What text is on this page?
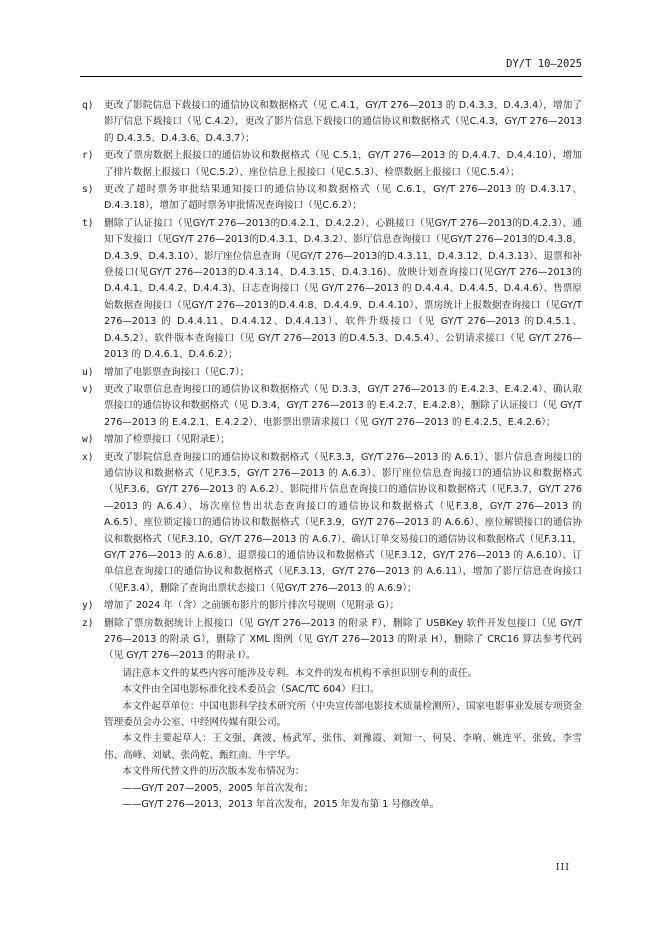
DY/T 10—2025
q) 更改了影院信息下载接口的通信协议和数据格式（见 C.4.1，GY/T 276—2013 的 D.4.3.3、D.4.3.4），增加了影厅信息下载接口（见 C.4.2），更改了影片信息下载接口的通信协议和数据格式（见C.4.3，GY/T 276—2013 的 D.4.3.5、D.4.3.6、D.4.3.7）；
r) 更改了票房数据上报接口的通信协议和数据格式（见 C.5.1，GY/T 276—2013 的 D.4.4.7、D.4.4.10），增加了排片数据上报接口（见C.5.2）、座位信息上报接口（见C.5.3）、检票数据上报接口（见C.5.4）；
s) 更改了超时票务审批结果通知接口的通信协议和数据格式（见 C.6.1，GY/T 276—2013 的 D.4.3.17、D.4.3.18），增加了超时票务审批情况查询接口（见C.6.2）；
t) 删除了认证接口（见GY/T 276—2013的D.4.2.1、D.4.2.2）、心跳接口（见GY/T 276—2013的D.4.2.3）、通知下发接口（见GY/T 276—2013的D.4.3.1、D.4.3.2）、影厅信息查询接口（见GY/T 276—2013的D.4.3.8、D.4.3.9、D.4.3.10）、影厅座位信息查询（见GY/T 276—2013的D.4.3.11、D.4.3.12、D.4.3.13）、退票和补登接口(见GY/T 276—2013的D.4.3.14、D.4.3.15、D.4.3.16)、放映计划查询接口(见GY/T 276—2013的D.4.4.1、D.4.4.2、D.4.4.3)、日志查询接口（见 GY/T 276—2013 的 D.4.4.4、D.4.4.5、D.4.4.6）、售票原始数据查询接口（见GY/T 276—2013的D.4.4.8、D.4.4.9、D.4.4.10）、票房统计上报数据查询接口（见GY/T 276—2013 的 D.4.4.11、D.4.4.12、D.4.4.13）、软件升级接口（见 GY/T 276—2013 的D.4.5.1、D.4.5.2）、软件版本查询接口（见 GY/T 276—2013 的D.4.5.3、D.4.5.4）、公钥请求接口（见 GY/T 276—2013 的 D.4.6.1、D.4.6.2）；
u) 增加了电影票查询接口（见C.7）；
v) 更改了取票信息查询接口的通信协议和数据格式（见 D.3.3，GY/T 276—2013 的 E.4.2.3、E.4.2.4）、确认取票接口的通信协议和数据格式（见 D.3.4，GY/T 276—2013 的 E.4.2.7、E.4.2.8），删除了认证接口（见 GY/T 276—2013 的 E.4.2.1、E.4.2.2）、电影票出票请求接口（见 GY/T 276—2013 的 E.4.2.5、E.4.2.6）；
w) 增加了检票接口（见附录E）；
x) 更改了影院信息查询接口的通信协议和数据格式（见F.3.3，GY/T 276—2013 的 A.6.1）、影片信息查询接口的通信协议和数据格式（见F.3.5，GY/T 276—2013 的 A.6.3）、影厅座位信息查询接口的通信协议和数据格式（见F.3.6，GY/T 276—2013 的 A.6.2）、影院排片信息查询接口的通信协议和数据格式（见F.3.7，GY/T 276—2013 的 A.6.4）、场次座位售出状态查询接口的通信协议和数据格式（见F.3.8，GY/T 276—2013 的 A.6.5）、座位锁定接口的通信协议和数据格式（见F.3.9，GY/T 276—2013 的 A.6.6）、座位解锁接口的通信协议和数据格式（见F.3.10，GY/T 276—2013 的 A.6.7）、确认订单交易接口的通信协议和数据格式（见F.3.11，GY/T 276—2013 的 A.6.8）、退票接口的通信协议和数据格式（见F.3.12，GY/T 276—2013 的 A.6.10）、订单信息查询接口的通信协议和数据格式（见F.3.13，GY/T 276—2013 的 A.6.11），增加了影厅信息查询接口（见F.3.4），删除了查询出票状态接口（见GY/T 276—2013 的 A.6.9）；
y) 增加了 2024 年（含）之前颁布影片的影片排次号规则（见附录 G）；
z) 删除了票房数据统计上报接口（见 GY/T 276—2013 的附录 F），删除了 USBKey 软件开发包接口（见 GY/T 276—2013 的附录 G），删除了 XML 图例（见 GY/T 276—2013 的附录 H），删除了 CRC16 算法参考代码（见 GY/T 276—2013 的附录 I）。

请注意本文件的某些内容可能涉及专利。本文件的发布机构不承担识别专利的责任。

本文件由全国电影标准化技术委员会（SAC/TC 604）归口。

本文件起草单位：中国电影科学技术研究所（中央宣传部电影技术质量检测所）、国家电影事业发展专项资金管理委员会办公室、中经网传媒有限公司。

本文件主要起草人：王文强、龚波、杨武军、张伟、刘豫霞、刘知一、何昊、李响、姚连平、张致、李雪伟、高峰、刘斌、张尚乾、甄红南、牛宇华。

本文件所代替文件的历次版本发布情况为：

——GY/T 207—2005，2005 年首次发布；

——GY/T 276—2013，2013 年首次发布，2015 年发布第 1 号修改单。

III
